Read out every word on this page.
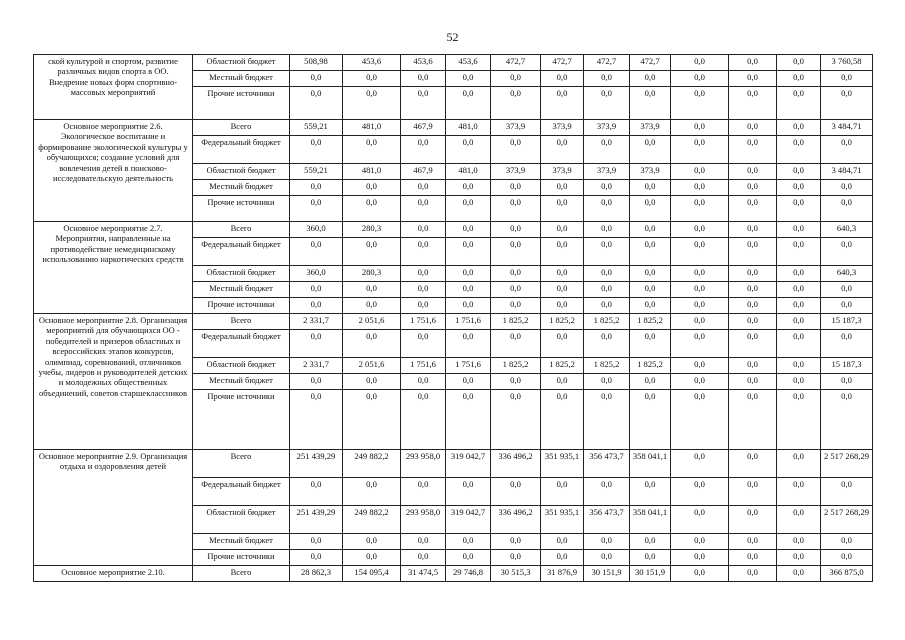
52
ской культурой и спортом, развитие различных видов спорта в ОО. Внедрение новых форм спортивно-массовых мероприятий	Областной бюджет	508,98	453,6	453,6	453,6	472,7	472,7	472,7	472,7	0,0	0,0	0,0	3 760,58
	Местный бюджет	0,0	0,0	0,0	0,0	0,0	0,0	0,0	0,0	0,0	0,0	0,0	0,0
	Прочие источники	0,0	0,0	0,0	0,0	0,0	0,0	0,0	0,0	0,0	0,0	0,0	0,0
Основное мероприятие 2.6. Экологическое воспитание и формирование экологической культуры у обучающихся; создание условий для вовлечения детей в поисково-исследовательскую деятельность	Всего	559,21	481,0	467,9	481,0	373,9	373,9	373,9	373,9	0,0	0,0	0,0	3 484,71
	Федеральный бюджет	0,0	0,0	0,0	0,0	0,0	0,0	0,0	0,0	0,0	0,0	0,0	0,0
	Областной бюджет	559,21	481,0	467,9	481,0	373,9	373,9	373,9	373,9	0,0	0,0	0,0	3 484,71
	Местный бюджет	0,0	0,0	0,0	0,0	0,0	0,0	0,0	0,0	0,0	0,0	0,0	0,0
	Прочие источники	0,0	0,0	0,0	0,0	0,0	0,0	0,0	0,0	0,0	0,0	0,0	0,0
Основное мероприятие 2.7. Мероприятия, направленные на противодействие немедицинскому использованию наркотических средств	Всего	360,0	280,3	0,0	0,0	0,0	0,0	0,0	0,0	0,0	0,0	0,0	640,3
	Федеральный бюджет	0,0	0,0	0,0	0,0	0,0	0,0	0,0	0,0	0,0	0,0	0,0	0,0
	Областной бюджет	360,0	280,3	0,0	0,0	0,0	0,0	0,0	0,0	0,0	0,0	0,0	640,3
	Местный бюджет	0,0	0,0	0,0	0,0	0,0	0,0	0,0	0,0	0,0	0,0	0,0	0,0
	Прочие источники	0,0	0,0	0,0	0,0	0,0	0,0	0,0	0,0	0,0	0,0	0,0	0,0
Основное мероприятие 2.8. Организация мероприятий для обучающихся ОО - победителей и призеров областных и всероссийских этапов конкурсов, олимпиад, соревнований, отличников учебы, лидеров и руководителей детских и молодежных общественных объединений, советов старшеклассников	Всего	2 331,7	2 051,6	1 751,6	1 751,6	1 825,2	1 825,2	1 825,2	1 825,2	0,0	0,0	0,0	15 187,3
	Федеральный бюджет	0,0	0,0	0,0	0,0	0,0	0,0	0,0	0,0	0,0	0,0	0,0	0,0
	Областной бюджет	2 331,7	2 051,6	1 751,6	1 751,6	1 825,2	1 825,2	1 825,2	1 825,2	0,0	0,0	0,0	15 187,3
	Местный бюджет	0,0	0,0	0,0	0,0	0,0	0,0	0,0	0,0	0,0	0,0	0,0	0,0
	Прочие источники	0,0	0,0	0,0	0,0	0,0	0,0	0,0	0,0	0,0	0,0	0,0	0,0
Основное мероприятие 2.9. Организация отдыха и оздоровления детей	Всего	251 439,29	249 882,2	293 958,0	319 042,7	336 496,2	351 935,1	356 473,7	358 041,1	0,0	0,0	0,0	2 517 268,29
	Федеральный бюджет	0,0	0,0	0,0	0,0	0,0	0,0	0,0	0,0	0,0	0,0	0,0	0,0
	Областной бюджет	251 439,29	249 882,2	293 958,0	319 042,7	336 496,2	351 935,1	356 473,7	358 041,1	0,0	0,0	0,0	2 517 268,29
	Местный бюджет	0,0	0,0	0,0	0,0	0,0	0,0	0,0	0,0	0,0	0,0	0,0	0,0
	Прочие источники	0,0	0,0	0,0	0,0	0,0	0,0	0,0	0,0	0,0	0,0	0,0	0,0
Основное мероприятие 2.10.	Всего	28 862,3	154 095,4	31 474,5	29 746,8	30 515,3	31 876,9	30 151,9	30 151,9	0,0	0,0	0,0	366 875,0
